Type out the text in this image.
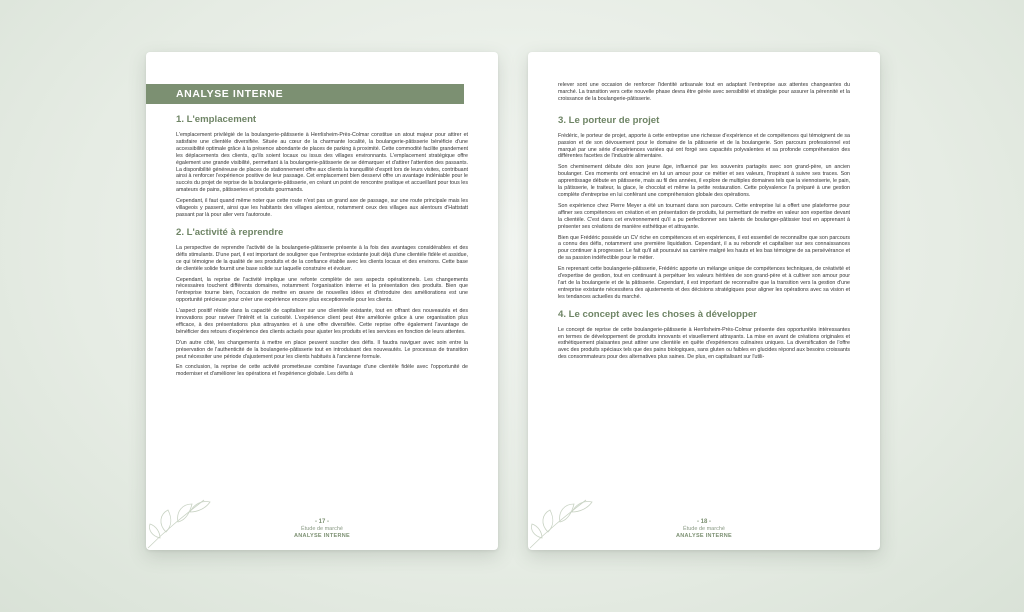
ANALYSE INTERNE
1. L'emplacement

L'emplacement privilégié de la boulangerie-pâtisserie à Herrlisheim-Près-Colmar constitue un atout majeur pour attirer et satisfaire une clientèle diversifiée. Située au cœur de la charmante localité, la boulangerie-pâtisserie bénéficie d'une accessibilité optimale grâce à la présence abondante de places de parking à proximité. Cette commodité facilite grandement les déplacements des clients, qu'ils soient locaux ou issus des villages environnants. L'emplacement stratégique offre également une grande visibilité, permettant à la boulangerie-pâtisserie de se démarquer et d'attirer l'attention des passants. La disponibilité généreuse de places de stationnement offre aux clients la tranquillité d'esprit lors de leurs visites, contribuant ainsi à renforcer l'expérience positive de leur passage. Cet emplacement bien desservi offre un avantage indéniable pour le succès du projet de reprise de la boulangerie-pâtisserie, en créant un point de rencontre pratique et accueillant pour tous les amateurs de pains, pâtisseries et produits gourmands.

Cependant, il faut quand même noter que cette route n'est pas un grand axe de passage, sur une route principale mais les villageois y passent, ainsi que les habitants des villages alentour, notamment ceux des villages aux alentours d'Hattstatt passant par là pour aller vers l'autoroute.

2. L'activité à reprendre

La perspective de reprendre l'activité de la boulangerie-pâtisserie présente à la fois des avantages considérables et des défis stimulants. D'une part, il est important de souligner que l'entreprise existante jouit déjà d'une clientèle fidèle et assidue, ce qui témoigne de la qualité de ses produits et de la confiance établie avec les clients locaux et des environs. Cette base de clientèle solide fournit une base solide sur laquelle construire et évoluer.

Cependant, la reprise de l'activité implique une refonte complète de ses aspects opérationnels. Les changements nécessaires touchent différents domaines, notamment l'organisation interne et la présentation des produits. Bien que l'entreprise tourne bien, l'occasion de mettre en œuvre de nouvelles idées et d'introduire des améliorations est une opportunité précieuse pour créer une expérience encore plus exceptionnelle pour les clients.

L'aspect positif réside dans la capacité de capitaliser sur une clientèle existante, tout en offrant des nouveautés et des innovations pour raviver l'intérêt et la curiosité. L'expérience client peut être améliorée grâce à une organisation plus efficace, à des présentations plus attrayantes et à une offre diversifiée. Cette reprise offre également l'avantage de bénéficier des retours d'expérience des clients actuels pour ajuster les produits et les services en fonction de leurs attentes.

D'un autre côté, les changements à mettre en place peuvent susciter des défis. Il faudra naviguer avec soin entre la préservation de l'authenticité de la boulangerie-pâtisserie tout en introduisant des nouveautés. Le processus de transition peut nécessiter une période d'ajustement pour les clients habitués à l'ancienne formule.

En conclusion, la reprise de cette activité prometteuse combine l'avantage d'une clientèle fidèle avec l'opportunité de moderniser et d'améliorer les opérations et l'expérience globale. Les défis à

- 17 -
Étude de marché
ANALYSE INTERNE

relever sont une occasion de renforcer l'identité artisanale tout en adaptant l'entreprise aux attentes changeantes du marché. La transition vers cette nouvelle phase devra être gérée avec sensibilité et stratégie pour assurer la pérennité et la croissance de la boulangerie-pâtisserie.

3. Le porteur de projet

Frédéric, le porteur de projet, apporte à cette entreprise une richesse d'expérience et de compétences qui témoignent de sa passion et de son dévouement pour le domaine de la pâtisserie et de la boulangerie. Son parcours professionnel est marqué par une série d'expériences variées qui ont forgé ses capacités polyvalentes et sa profonde compréhension des différentes facettes de l'industrie alimentaire.

Son cheminement débute dès son jeune âge, influencé par les souvenirs partagés avec son grand-père, un ancien boulanger. Ces moments ont enraciné en lui un amour pour ce métier et ses valeurs, l'inspirant à suivre ses traces. Son apprentissage débute en pâtisserie, mais au fil des années, il explore de multiples domaines tels que la viennoiserie, le pain, la pâtisserie, le traiteur, la glace, le chocolat et même la petite restauration. Cette polyvalence l'a préparé à une gestion complète d'entreprise en lui conférant une compréhension globale des opérations.

Son expérience chez Pierre Meyer a été un tournant dans son parcours. Cette entreprise lui a offert une plateforme pour affiner ses compétences en création et en présentation de produits, lui permettant de mettre en valeur son expertise devant la clientèle. C'est dans cet environnement qu'il a pu perfectionner ses talents de boulanger-pâtissier tout en apprenant à présenter ses créations de manière esthétique et attrayante.

Bien que Frédéric possède un CV riche en compétences et en expériences, il est essentiel de reconnaître que son parcours a connu des défis, notamment une première liquidation. Cependant, il a su rebondir et capitaliser sur ses connaissances pour continuer à progresser. Le fait qu'il ait poursuivi sa carrière malgré les hauts et les bas témoigne de sa persévérance et de sa passion indéfectible pour le métier.

En reprenant cette boulangerie-pâtisserie, Frédéric apporte un mélange unique de compétences techniques, de créativité et d'expertise de gestion, tout en continuant à perpétuer les valeurs héritées de son grand-père et à cultiver son amour pour l'art de la boulangerie et de la pâtisserie. Cependant, il est important de reconnaître que la transition vers la gestion d'une entreprise existante nécessitera des ajustements et des décisions stratégiques pour aligner les opérations avec sa vision et les tendances actuelles du marché.

4. Le concept avec les choses à développer

Le concept de reprise de cette boulangerie-pâtisserie à Herrlisheim-Près-Colmar présente des opportunités intéressantes en termes de développement de produits innovants et visuellement attrayants. La mise en avant de créations originales et esthétiquement plaisantes peut attirer une clientèle en quête d'expériences culinaires uniques. La diversification de l'offre avec des produits spéciaux tels que des pains biologiques, sans gluten ou faibles en glucides répond aux besoins croissants des consommateurs pour des alternatives plus saines. De plus, en capitalisant sur l'utili-

- 18 -
Étude de marché
ANALYSE INTERNE
